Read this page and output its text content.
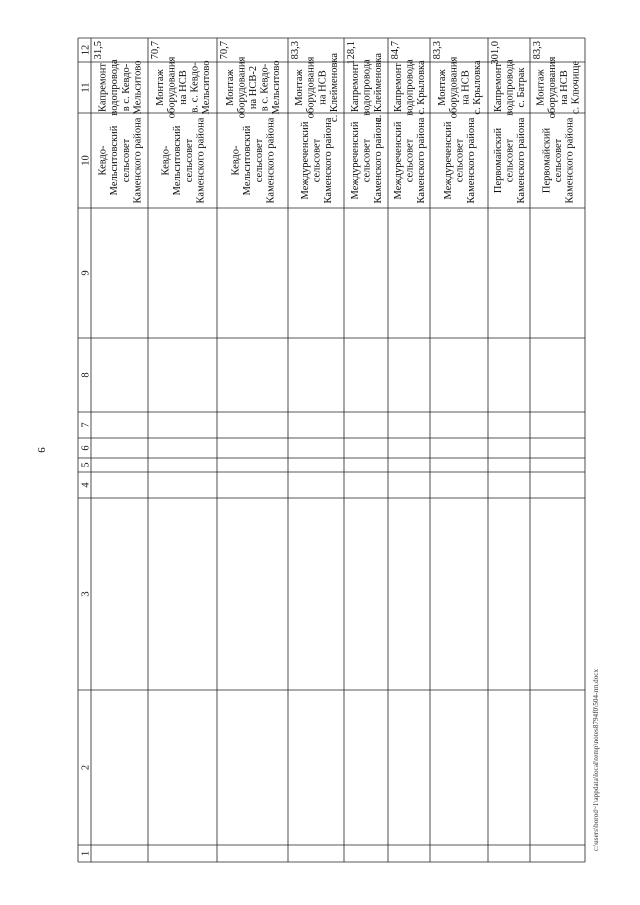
9
c:\users\borod~1\appdata\local\temp\notes8794f0\504-пп.docx
1
2
3
4
5
6
7
8
9
10
11
12
Кевдо- Мельситовский сельсовет Каменского района
Капремонт водопровода в с. Кевдо- Мельситово
31,5
Кевдо- Мельситовский сельсовет Каменского района
Монтаж оборудования на НСВ в. с. Кевдо- Мельситово
70,7
Кевдо- Мельситовский сельсовет Каменского района
Монтаж оборудования на НСВ-2 в с. Кевдо- Мельситово
70,7
Междуреченский сельсовет Каменского района
Монтаж оборудования на НСВ с. Клейменовка
83,3
Междуреченский сельсовет Каменского района
Капремонт водопровода с. Клейменовка
128,1
Междуреченский сельсовет Каменского района
Капремонт водопровода с. Крыловка
84,7
Междуреченский сельсовет Каменского района
Монтаж оборудования на НСВ с. Крыловка
83,3
Первомайский сельсовет Каменского района
Капремонт водопровода с. Батрак
301,0
Первомайский сельсовет Каменского района
Монтаж оборудования на НСВ с. Ключище
83,3
